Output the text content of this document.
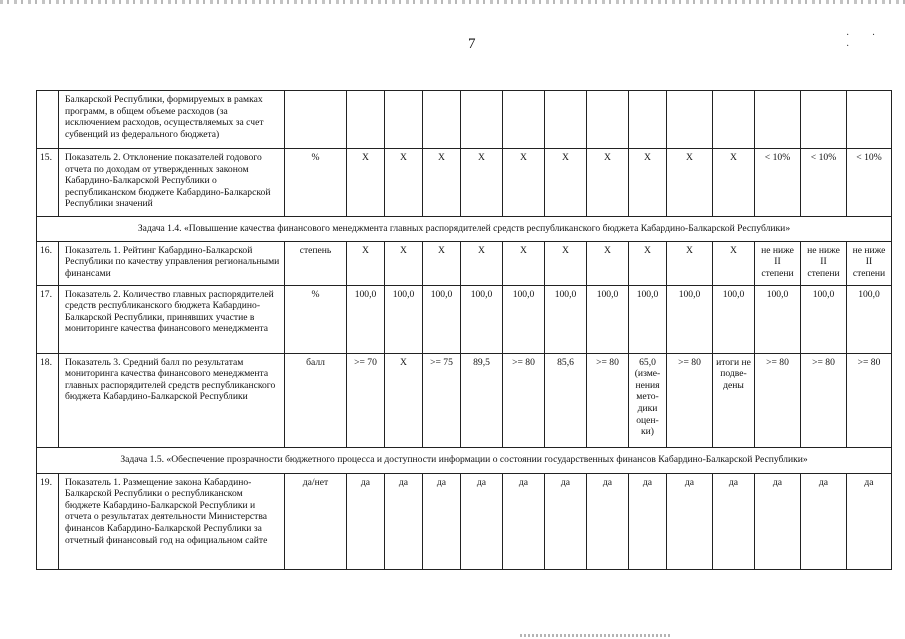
7
· · ·
	Балкарской Республики, формируемых в рамках программ, в общем объеме расходов (за исключением расходов, осуществляемых за счет субвенций из федерального бюджета)														
15.	Показатель 2. Отклонение показателей годового отчета по доходам от утвержденных законом Кабардино-Балкарской Республики о республиканском бюджете Кабардино-Балкарской Республики значений	%	Х	Х	Х	Х	Х	Х	Х	Х	Х	Х	< 10%	< 10%	< 10%
Задача 1.4. «Повышение качества финансового менеджмента главных распорядителей средств республиканского бюджета Кабардино-Балкарской Республики»															
16.	Показатель 1. Рейтинг Кабардино-Балкарской Республики по качеству управления региональными финансами	степень	Х	Х	Х	Х	Х	Х	Х	Х	Х	Х	не ниже II степени	не ниже II степени	не ниже II степени
17.	Показатель 2. Количество главных распорядителей средств республиканского бюджета Кабардино-Балкарской Республики, принявших участие в мониторинге качества финансового менеджмента	%	100,0	100,0	100,0	100,0	100,0	100,0	100,0	100,0	100,0	100,0	100,0	100,0	100,0
18.	Показатель 3. Средний балл по результатам мониторинга качества финансового менеджмента главных распорядителей средств республиканского бюджета Кабардино-Балкарской Республики	балл	>= 70	Х	>= 75	89,5	>= 80	85,6	>= 80	65,0 (изме-нения мето-дики оцен-ки)	>= 80	итоги не подве-дены	>= 80	>= 80	>= 80
Задача 1.5. «Обеспечение прозрачности бюджетного процесса и доступности информации о состоянии государственных финансов Кабардино-Балкарской Республики»															
19.	Показатель 1. Размещение закона Кабардино-Балкарской Республики о республиканском бюджете Кабардино-Балкарской Республики и отчета о результатах деятельности Министерства финансов Кабардино-Балкарской Республики за отчетный финансовый год на официальном сайте	да/нет	да	да	да	да	да	да	да	да	да	да	да	да	да
